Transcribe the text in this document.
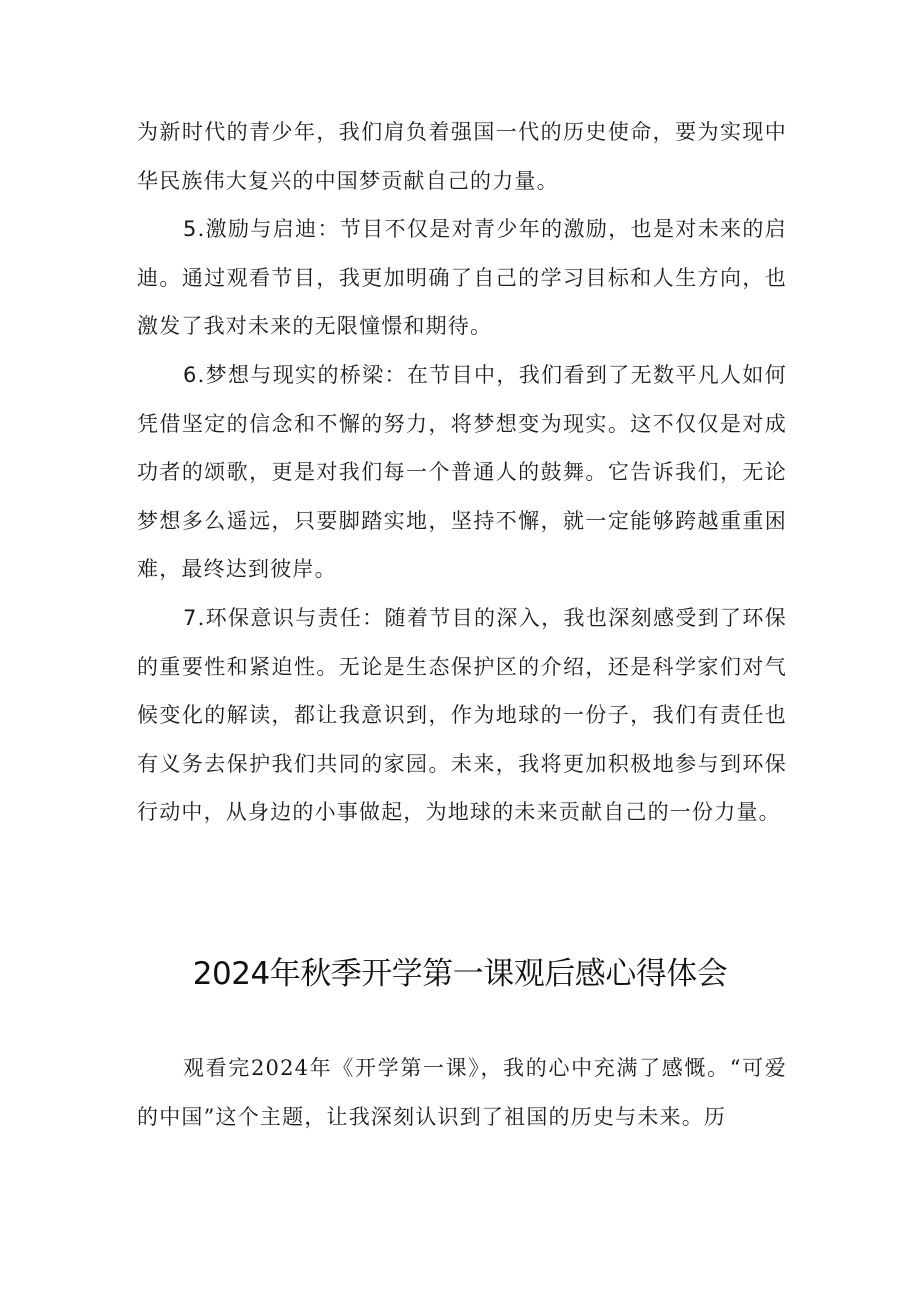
为新时代的青少年，我们肩负着强国一代的历史使命，要为实现中华民族伟大复兴的中国梦贡献自己的力量。

5.激励与启迪：节目不仅是对青少年的激励，也是对未来的启迪。通过观看节目，我更加明确了自己的学习目标和人生方向，也激发了我对未来的无限憧憬和期待。

6.梦想与现实的桥梁：在节目中，我们看到了无数平凡人如何凭借坚定的信念和不懈的努力，将梦想变为现实。这不仅仅是对成功者的颂歌，更是对我们每一个普通人的鼓舞。它告诉我们，无论梦想多么遥远，只要脚踏实地，坚持不懈，就一定能够跨越重重困难，最终达到彼岸。

7.环保意识与责任：随着节目的深入，我也深刻感受到了环保的重要性和紧迫性。无论是生态保护区的介绍，还是科学家们对气候变化的解读，都让我意识到，作为地球的一份子，我们有责任也有义务去保护我们共同的家园。未来，我将更加积极地参与到环保行动中，从身边的小事做起，为地球的未来贡献自己的一份力量。

2024年秋季开学第一课观后感心得体会

观看完2024年《开学第一课》，我的心中充满了感慨。“可爱的中国”这个主题，让我深刻认识到了祖国的历史与未来。历
